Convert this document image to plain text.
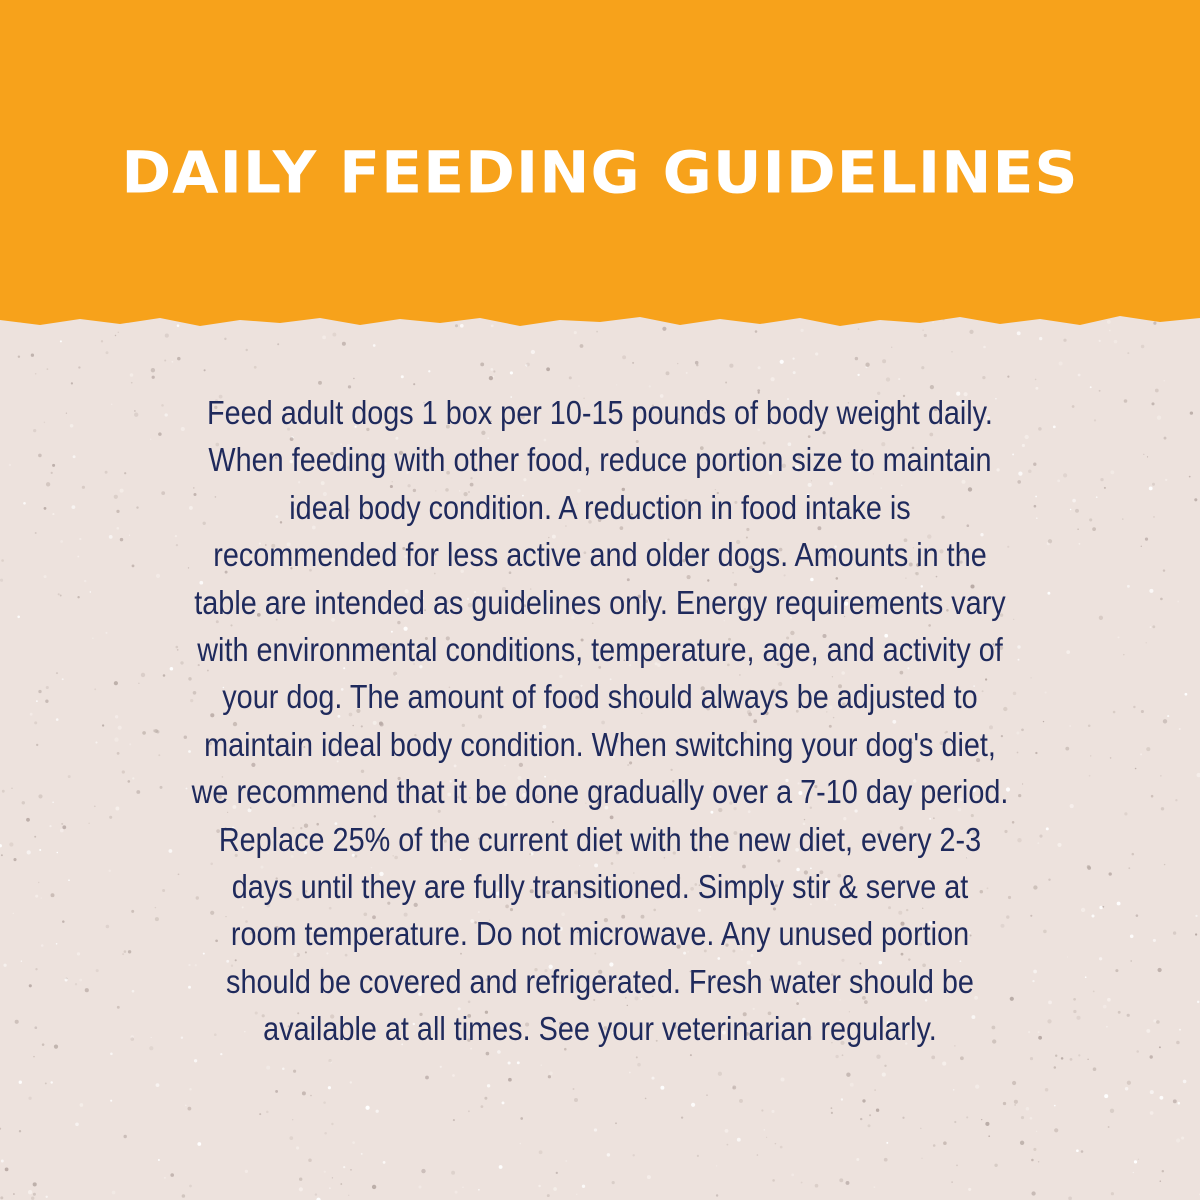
DAILY FEEDING GUIDELINES
Feed adult dogs 1 box per 10-15 pounds of body weight daily.
When feeding with other food, reduce portion size to maintain
ideal body condition. A reduction in food intake is
recommended for less active and older dogs. Amounts in the
table are intended as guidelines only. Energy requirements vary
with environmental conditions, temperature, age, and activity of
your dog. The amount of food should always be adjusted to
maintain ideal body condition. When switching your dog's diet,
we recommend that it be done gradually over a 7-10 day period.
Replace 25% of the current diet with the new diet, every 2-3
days until they are fully transitioned. Simply stir & serve at
room temperature. Do not microwave. Any unused portion
should be covered and refrigerated. Fresh water should be
available at all times. See your veterinarian regularly.
